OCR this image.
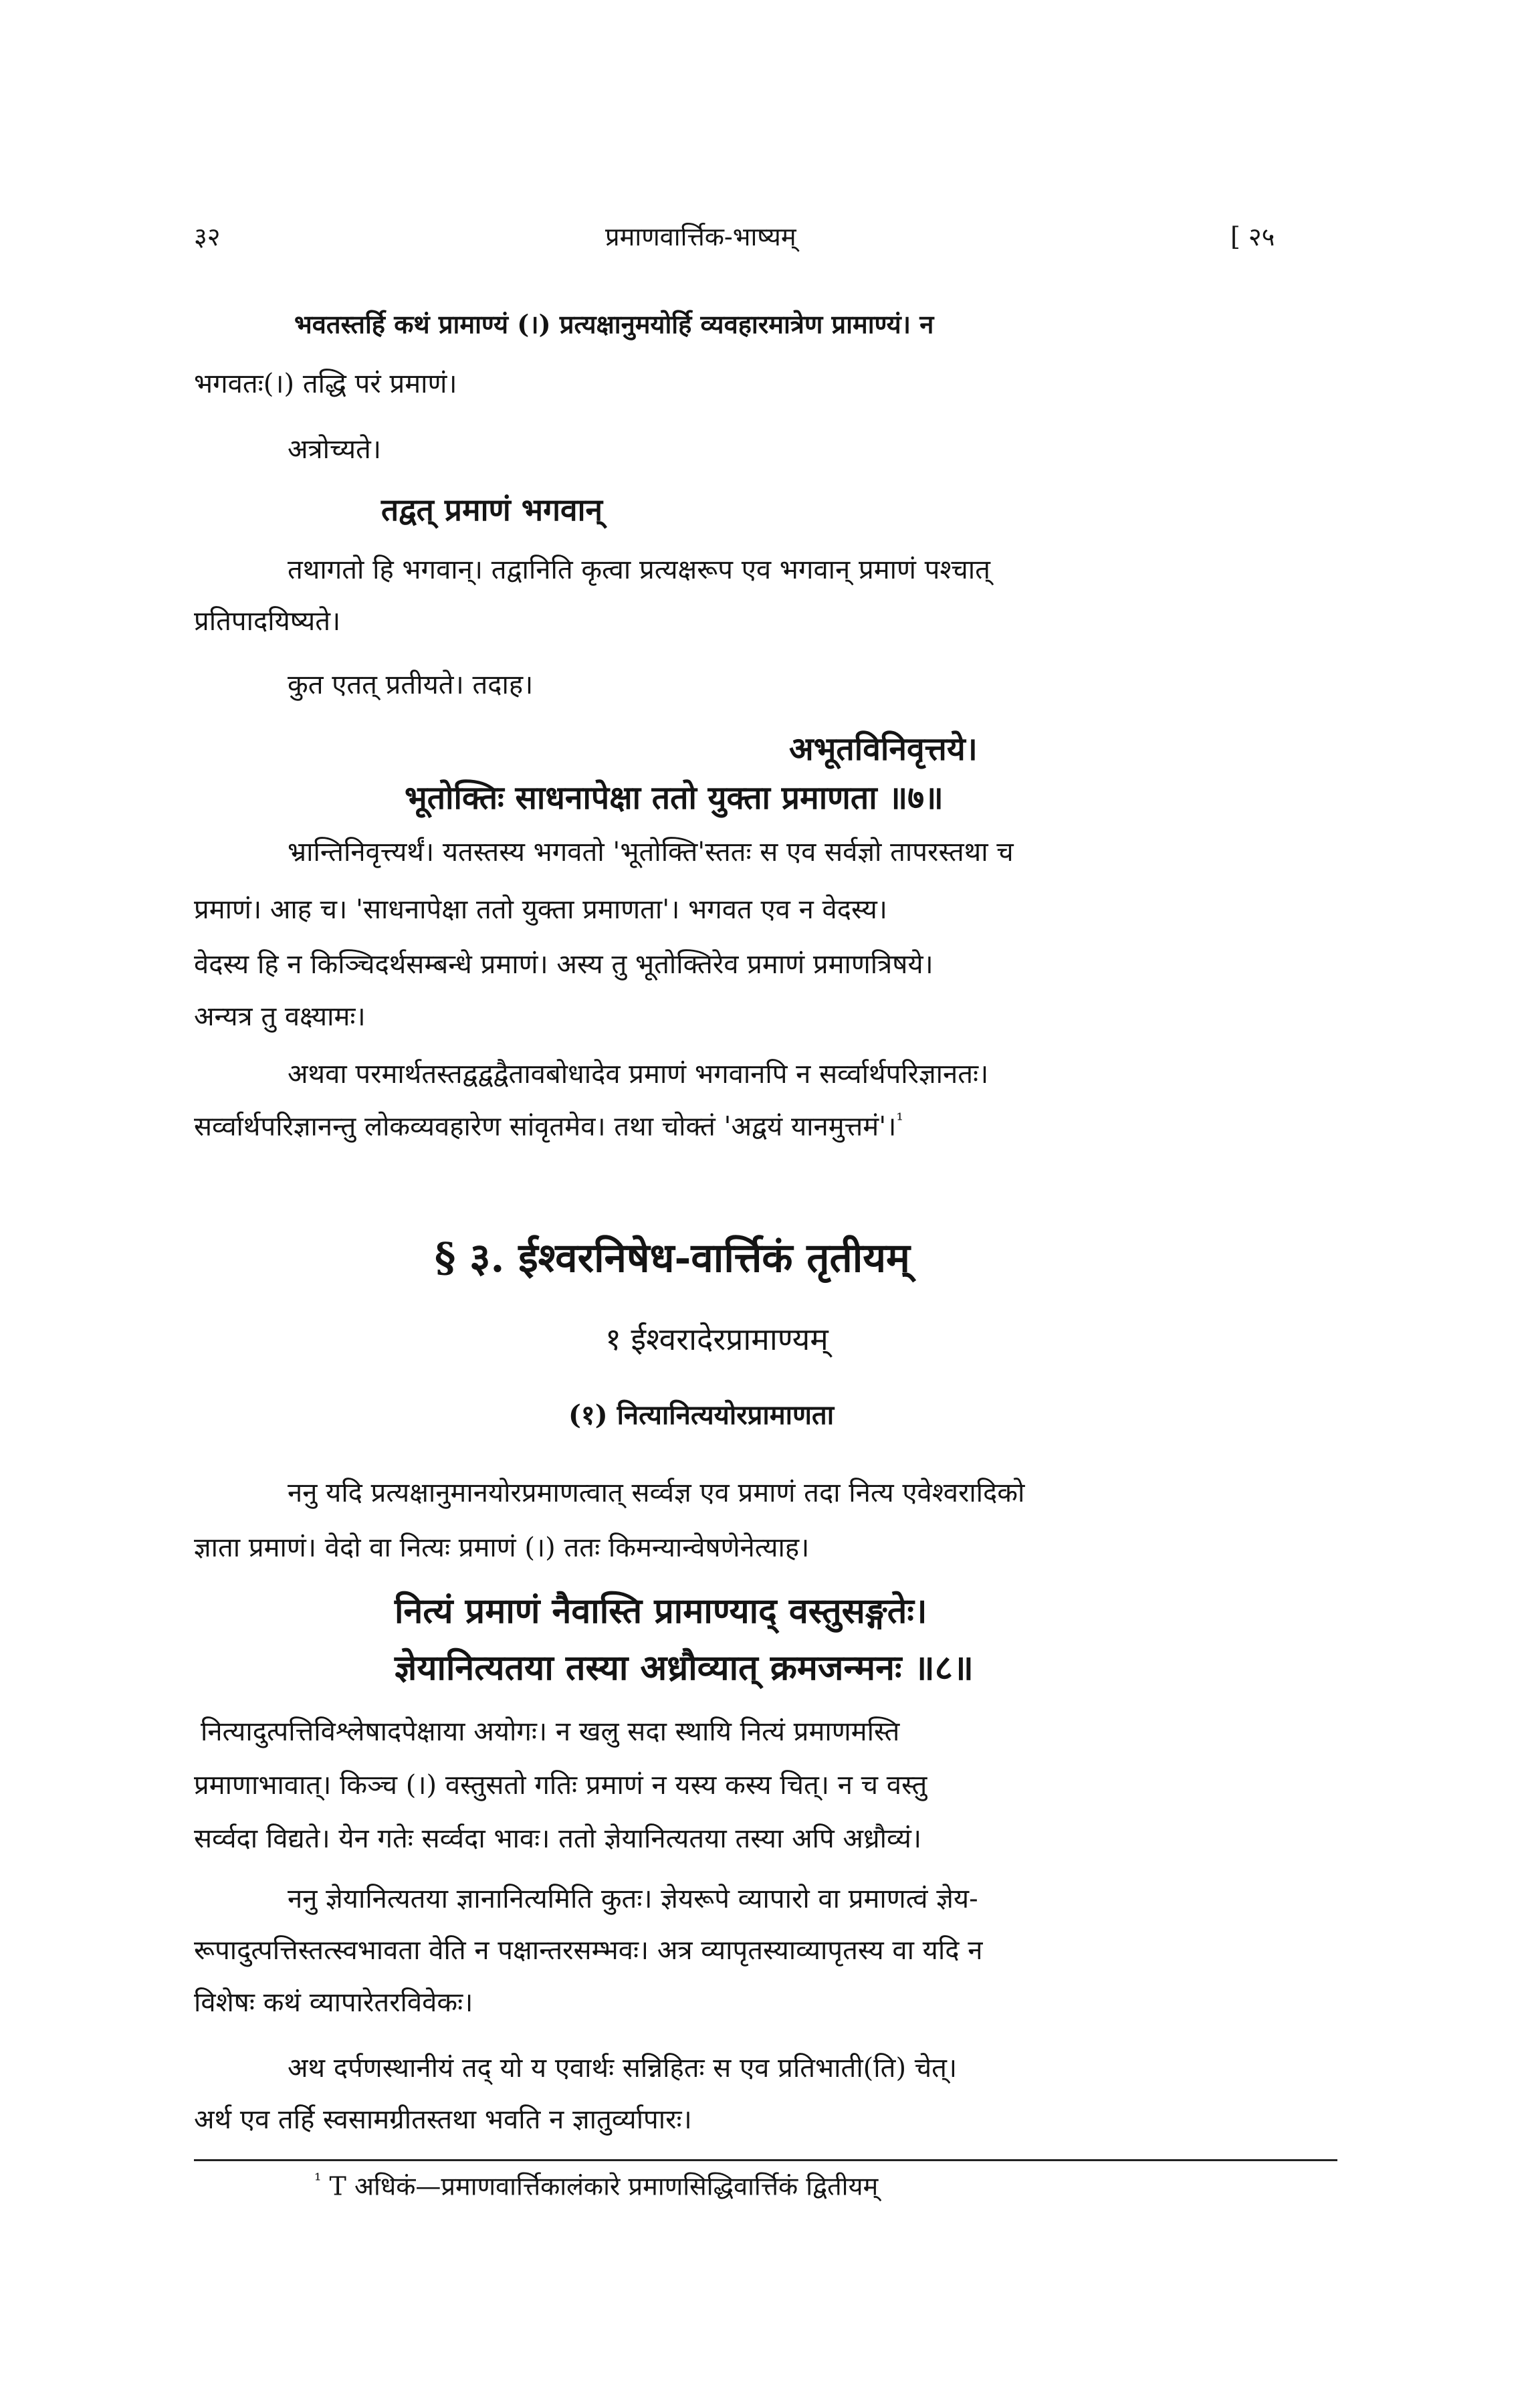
३२	प्रमाणवार्त्तिक-भाष्यम्	[ २५
भवतस्तर्हि कथं प्रामाण्यं (।) प्रत्यक्षानुमयोर्हि व्यवहारमात्रेण प्रामाण्यं। न
भगवतः(।) तद्धि परं प्रमाणं।
अत्रोच्यते।
तद्वत् प्रमाणं भगवान्
तथागतो हि भगवान्। तद्वानिति कृत्वा प्रत्यक्षरूप एव भगवान् प्रमाणं पश्चात्
प्रतिपादयिष्यते।
कुत एतत् प्रतीयते। तदाह।
अभूतविनिवृत्तये।
भूतोक्तिः साधनापेक्षा ततो युक्ता प्रमाणता ॥७॥
भ्रान्तिनिवृत्त्यर्थं। यतस्तस्य भगवतो 'भूतोक्ति'स्ततः स एव सर्वज्ञो तापरस्तथा च
प्रमाणं। आह च। 'साधनापेक्षा ततो युक्ता प्रमाणता'। भगवत एव न वेदस्य।
वेदस्य हि न किञ्चिदर्थसम्बन्धे प्रमाणं। अस्य तु भूतोक्तिरेव प्रमाणं प्रमाणत्रिषये।
अन्यत्र तु वक्ष्यामः।
अथवा परमार्थतस्तद्वद्वद्वैतावबोधादेव प्रमाणं भगवानपि न सर्व्वार्थपरिज्ञानतः।
सर्व्वार्थपरिज्ञानन्तु लोकव्यवहारेण सांवृतमेव। तथा चोक्तं 'अद्वयं यानमुत्तमं'।$^{^1}$
§ ३. ईश्वरनिषेध-वार्त्तिकं तृतीयम्
१ ईश्वरादेरप्रामाण्यम्
(१) नित्यानित्ययोरप्रामाणता
ननु यदि प्रत्यक्षानुमानयोरप्रमाणत्वात् सर्व्वज्ञ एव प्रमाणं तदा नित्य एवेश्वरादिको
ज्ञाता प्रमाणं। वेदो वा नित्यः प्रमाणं (।) ततः किमन्यान्वेषणेनेत्याह।
नित्यं प्रमाणं नैवास्ति प्रामाण्याद् वस्तुसङ्गतेः।
ज्ञेयानित्यतया तस्या अध्रौव्यात् क्रमजन्मनः ॥८॥
नित्यादुत्पत्तिविश्लेषादपेक्षाया अयोगः। न खलु सदा स्थायि नित्यं प्रमाणमस्ति
प्रमाणाभावात्। किञ्च (।) वस्तुसतो गतिः प्रमाणं न यस्य कस्य चित्। न च वस्तु
सर्व्वदा विद्यते। येन गतेः सर्व्वदा भावः। ततो ज्ञेयानित्यतया तस्या अपि अध्रौव्यं।
ननु ज्ञेयानित्यतया ज्ञानानित्यमिति कुतः। ज्ञेयरूपे व्यापारो वा प्रमाणत्वं ज्ञेय-
रूपादुत्पत्तिस्तत्स्वभावता वेति न पक्षान्तरसम्भवः। अत्र व्यापृतस्याव्यापृतस्य वा यदि न
विशेषः कथं व्यापारेतरविवेकः।
अथ दर्पणस्थानीयं तद् यो य एवार्थः सन्निहितः स एव प्रतिभाती(ति) चेत्।
अर्थ एव तर्हि स्वसामग्रीतस्तथा भवति न ज्ञातुर्व्यापारः।
$^{^1}$ T अधिकं—प्रमाणवार्त्तिकालंकारे प्रमाणसिद्धिवार्त्तिकं द्वितीयम्
